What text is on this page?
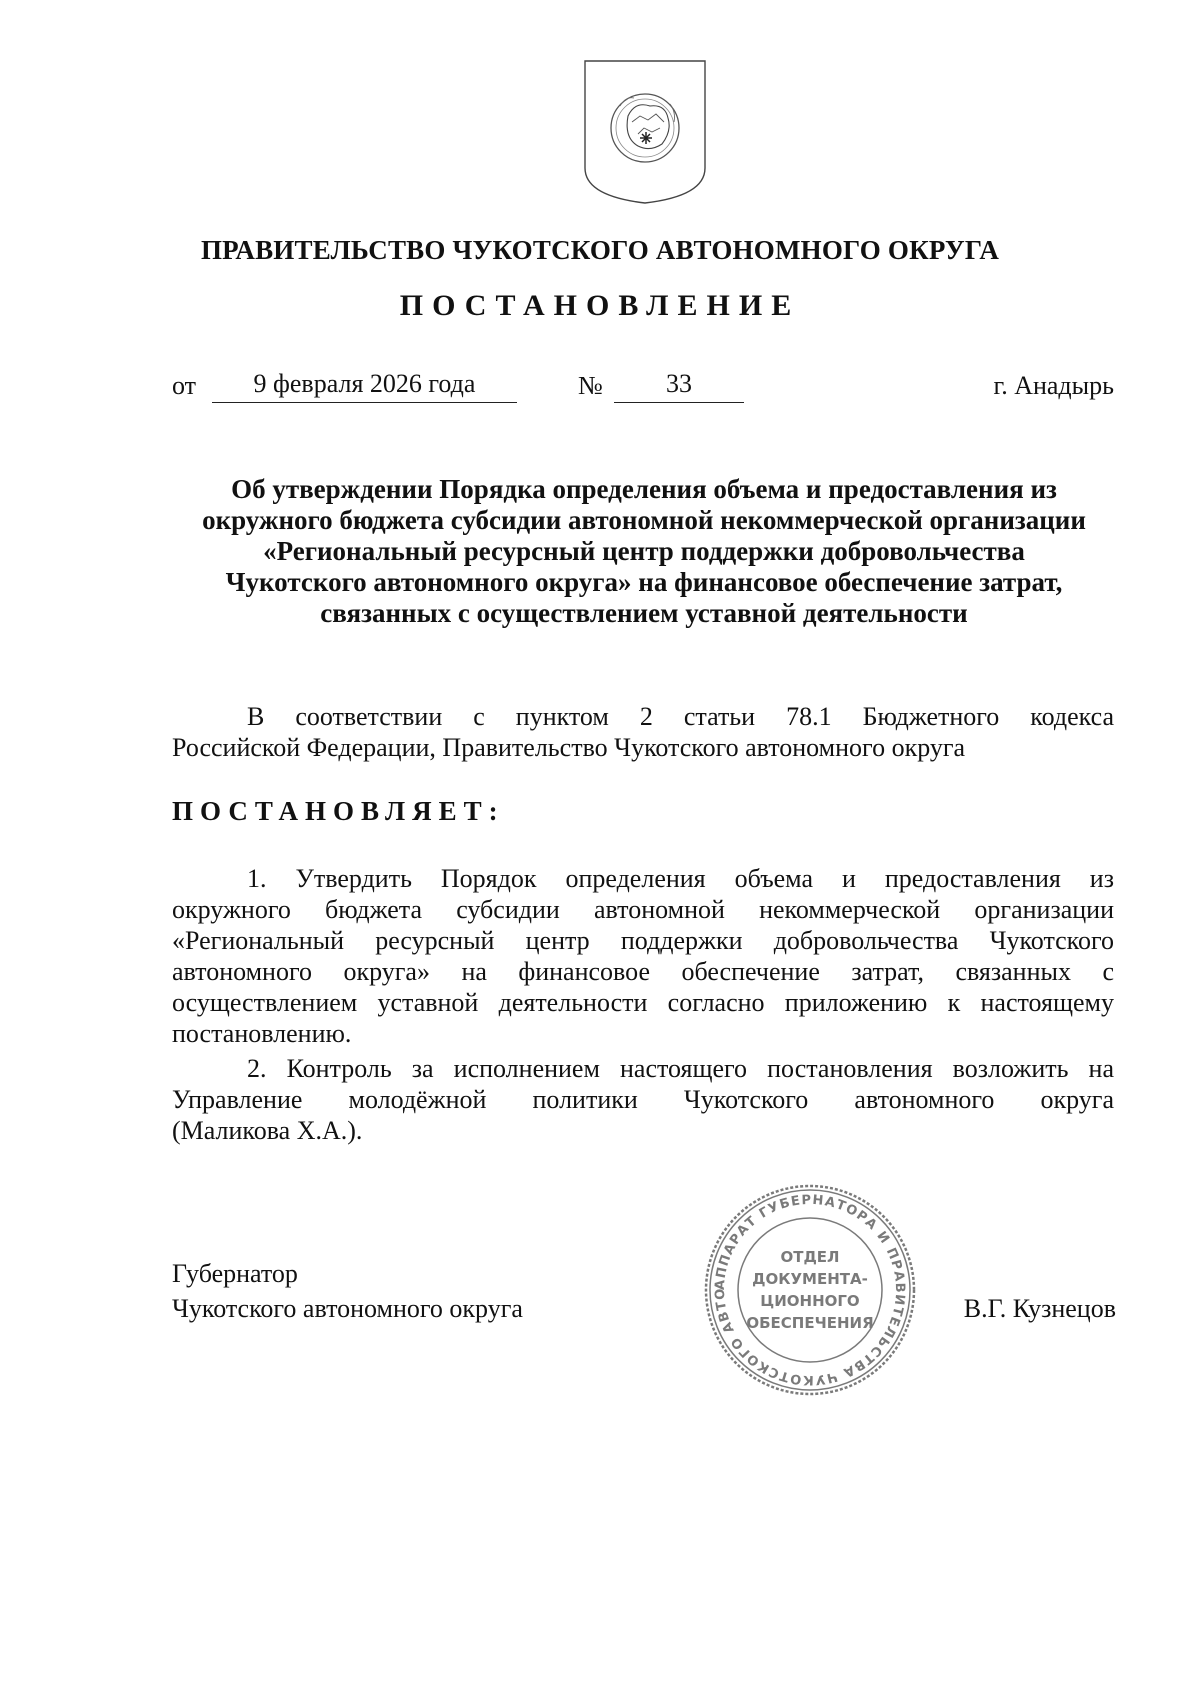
ПРАВИТЕЛЬСТВО ЧУКОТСКОГО АВТОНОМНОГО ОКРУГА
ПОСТАНОВЛЕНИЕ
от	9 февраля 2026 года	№	33	г. Анадырь
Об утверждении Порядка определения объема и предоставления из
окружного бюджета субсидии автономной некоммерческой организации
«Региональный ресурсный центр поддержки добровольчества
Чукотского автономного округа» на финансовое обеспечение затрат,
связанных с осуществлением уставной деятельности
В соответствии с пунктом 2 статьи 78.1 Бюджетного кодекса
Российской Федерации, Правительство Чукотского автономного округа
ПОСТАНОВЛЯЕТ:
1. Утвердить Порядок определения объема и предоставления из
окружного бюджета субсидии автономной некоммерческой организации
«Региональный ресурсный центр поддержки добровольчества Чукотского
автономного округа» на финансовое обеспечение затрат, связанных с
осуществлением уставной деятельности согласно приложению к настоящему
постановлению.
2. Контроль за исполнением настоящего постановления возложить на
Управление молодёжной политики Чукотского автономного округа
(Маликова Х.А.).
Губернатор
Чукотского автономного округа	В.Г. Кузнецов
АППАРАТ ГУБЕРНАТОРА И ПРАВИТЕЛЬСТВА ЧУКОТСКОГО АВТО
ОТДЕЛ
ДОКУМЕНТА-
ЦИОННОГО
ОБЕСПЕЧЕНИЯ
